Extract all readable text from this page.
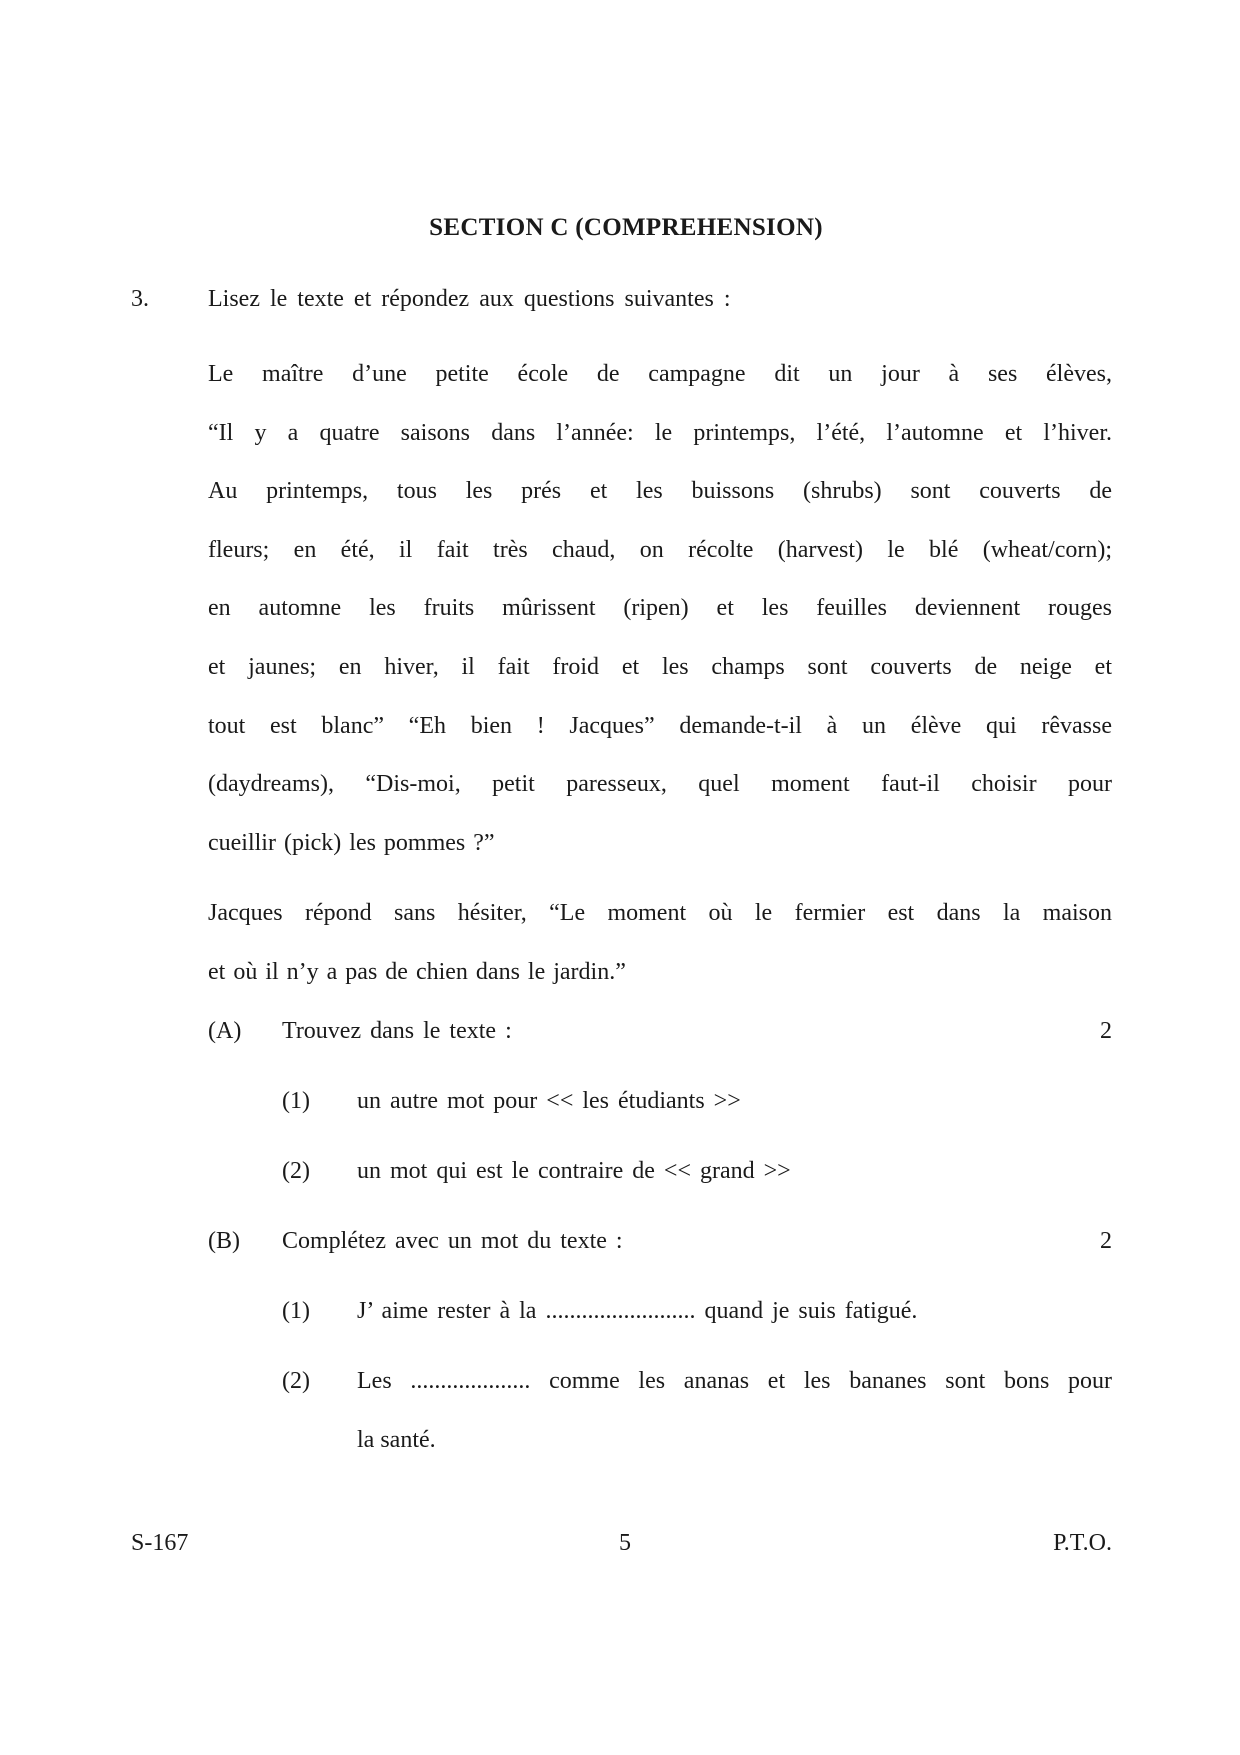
SECTION C (COMPREHENSION)
3. Lisez le texte et répondez aux questions suivantes :
Le maître d’une petite école de campagne dit un jour à ses élèves,
“Il y a quatre saisons dans l’année: le printemps, l’été, l’automne et l’hiver.
Au printemps, tous les prés et les buissons (shrubs) sont couverts de
fleurs; en été, il fait très chaud, on récolte (harvest) le blé (wheat/corn);
en automne les fruits mûrissent (ripen) et les feuilles deviennent rouges
et jaunes; en hiver, il fait froid et les champs sont couverts de neige et
tout est blanc” “Eh bien ! Jacques” demande-t-il à un élève qui rêvasse
(daydreams), “Dis-moi, petit paresseux, quel moment faut-il choisir pour
cueillir (pick) les pommes ?”
Jacques répond sans hésiter, “Le moment où le fermier est dans la maison
et où il n’y a pas de chien dans le jardin.”
(A) Trouvez dans le texte :	2
(1) un autre mot pour << les étudiants >>
(2) un mot qui est le contraire de << grand >>
(B) Complétez avec un mot du texte :	2
(1) J’ aime rester à la ......................... quand je suis fatigué.
(2) Les .................... comme les ananas et les bananes sont bons pour
la santé.
S-167	5	P.T.O.
